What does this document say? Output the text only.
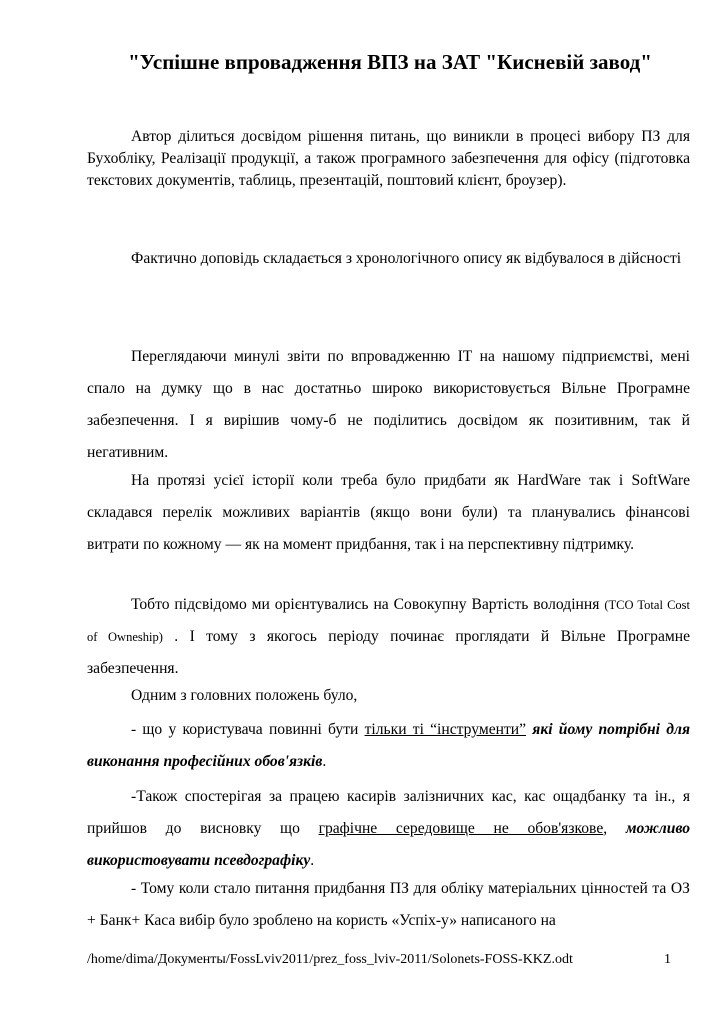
"Успішне впровадження ВПЗ на ЗАТ "Кисневій завод"

Автор ділиться досвідом рішення питань, що виникли в процесі вибору ПЗ для Бухобліку, Реалізації продукції, а також програмного забезпечення для офісу (підготовка текстових документів, таблиць, презентацій, поштовий клієнт, броузер).

Фактично доповідь складається з хронологічного опису як відбувалося в дійсності

Переглядаючи минулі звіти по впровадженню ІТ на нашому підприємстві, мені спало на думку що в нас достатньо широко використовується Вільне Програмне забезпечення. І я вирішив чому-б не поділитись досвідом як позитивним, так й негативним.

На протязі усієї історії коли треба було придбати як HardWare так і SoftWare складався перелік можливих варіантів (якщо вони були) та планувались фінансові витрати по кожному — як на момент придбання, так і на перспективну підтримку.

Тобто підсвідомо ми орієнтувались на Совокупну Вартість володіння (TCO Total Cost of Owneship) . І тому з якогось періоду починає проглядати й Вільне Програмне забезпечення.

Одним з головних положень було,

- що у користувача повинні бути тільки ті “інструменти” які йому потрібні для виконання професійних обов'язків.

-Також спостерігая за працею касирів залізничних кас, кас ощадбанку та ін., я прийшов до висновку що графічне середовище не обов'язкове, можливо використовувати псевдографіку.

- Тому коли стало питання придбання ПЗ для обліку матеріальних цінностей та ОЗ + Банк+ Каса вибір було зроблено на користь «Успіх-у» написаного на

/home/dima/Документы/FossLviv2011/prez_foss_lviv-2011/Solonets-FOSS-KKZ.odt	1
